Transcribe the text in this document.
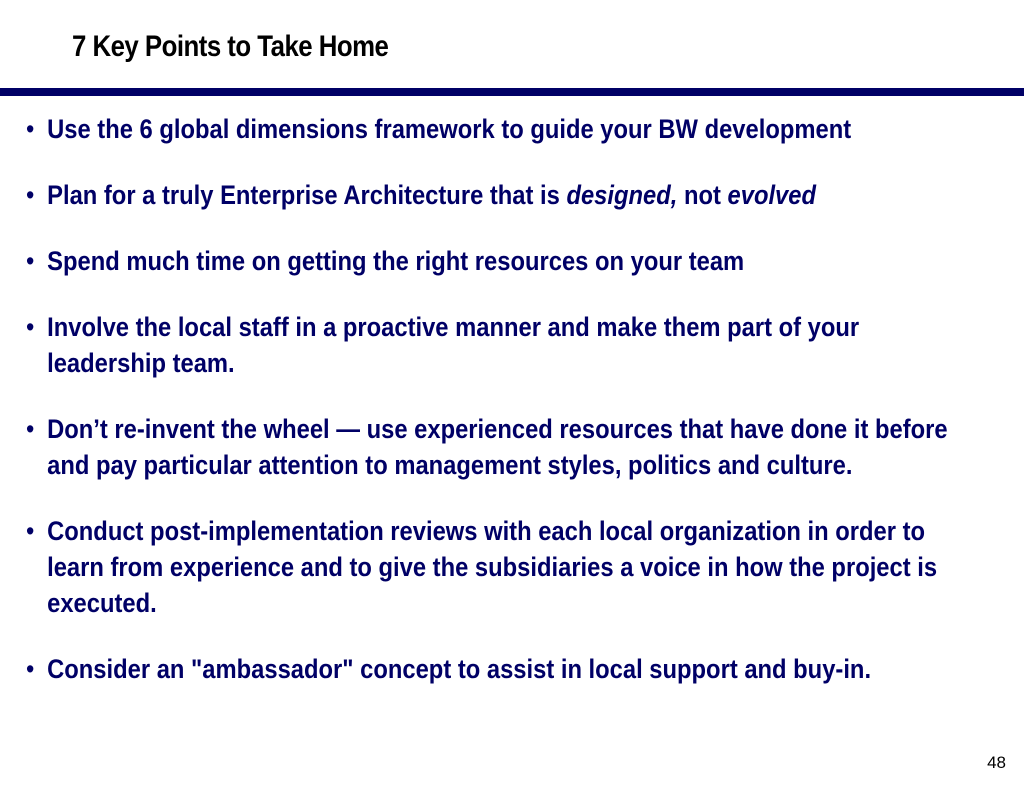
7 Key Points to Take Home
• Use the 6 global dimensions framework to guide your BW development
• Plan for a truly Enterprise Architecture that is designed, not evolved
• Spend much time on getting the right resources on your team
• Involve the local staff in a proactive manner and make them part of your leadership team.
• Don’t re-invent the wheel — use experienced resources that have done it before and pay particular attention to management styles, politics and culture.
• Conduct post-implementation reviews with each local organization in order to learn from experience and to give the subsidiaries a voice in how the project is executed.
• Consider an "ambassador" concept to assist in local support and buy-in.
48
